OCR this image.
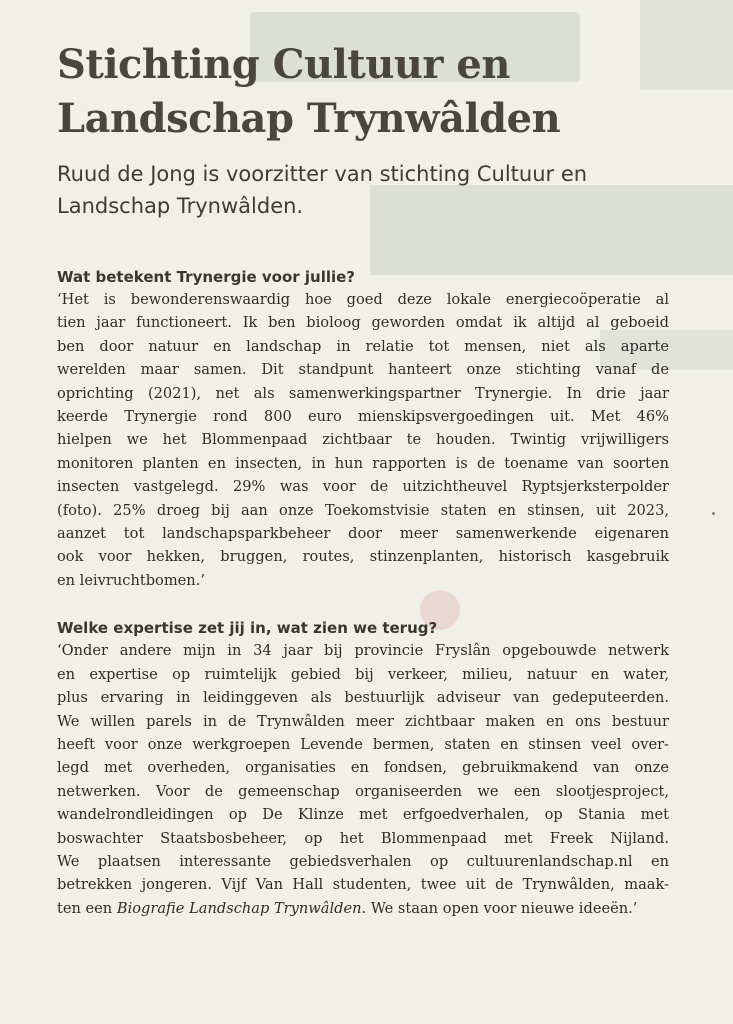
Stichting Cultuur en
Landschap Trynwâlden

Ruud de Jong is voorzitter van stichting Cultuur en
Landschap Trynwâlden.

Wat betekent Trynergie voor jullie?

‘Het is bewonderenswaardig hoe goed deze lokale energiecoöperatie al
tien jaar functioneert. Ik ben bioloog geworden omdat ik altijd al geboeid
ben door natuur en landschap in relatie tot mensen, niet als aparte
werelden maar samen. Dit standpunt hanteert onze stichting vanaf de
oprichting (2021), net als samenwerkingspartner Trynergie. In drie jaar
keerde Trynergie rond 800 euro mienskipsvergoedingen uit. Met 46%
hielpen we het Blommenpaad zichtbaar te houden. Twintig vrijwilligers
monitoren planten en insecten, in hun rapporten is de toename van soorten
insecten vastgelegd. 29% was voor de uitzichtheuvel Ryptsjerksterpolder
(foto). 25% droeg bij aan onze Toekomstvisie staten en stinsen, uit 2023,
aanzet tot landschapsparkbeheer door meer samenwerkende eigenaren
ook voor hekken, bruggen, routes, stinzenplanten, historisch kasgebruik
en leivruchtbomen.’

Welke expertise zet jij in, wat zien we terug?

‘Onder andere mijn in 34 jaar bij provincie Fryslân opgebouwde netwerk
en expertise op ruimtelijk gebied bij verkeer, milieu, natuur en water,
plus ervaring in leidinggeven als bestuurlijk adviseur van gedeputeerden.
We willen parels in de Trynwâlden meer zichtbaar maken en ons bestuur
heeft voor onze werkgroepen Levende bermen, staten en stinsen veel over-
legd met overheden, organisaties en fondsen, gebruikmakend van onze
netwerken. Voor de gemeenschap organiseerden we een slootjesproject,
wandelrondleidingen op De Klinze met erfgoedverhalen, op Stania met
boswachter Staatsbosbeheer, op het Blommenpaad met Freek Nijland.
We plaatsen interessante gebiedsverhalen op cultuurenlandschap.nl en
betrekken jongeren. Vijf Van Hall studenten, twee uit de Trynwâlden, maak-
ten een Biografie Landschap Trynwâlden. We staan open voor nieuwe ideeën.’
